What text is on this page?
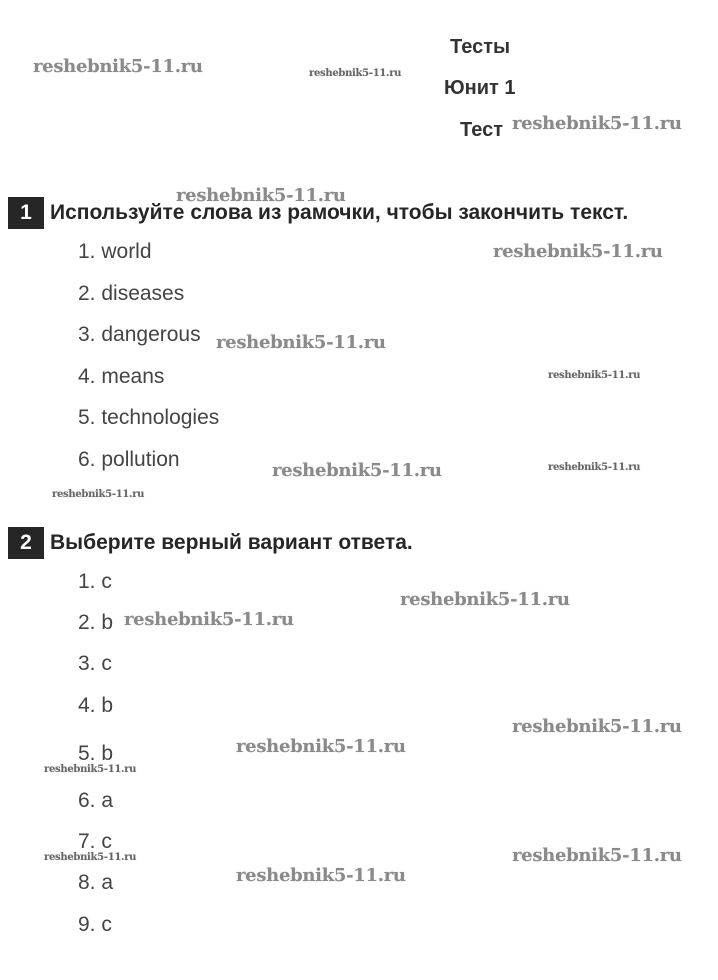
Тесты
Юнит 1
Тест
1 Используйте слова из рамочки, чтобы закончить текст.
1. world
2. diseases
3. dangerous
4. means
5. technologies
6. pollution
2 Выберите верный вариант ответа.
1. c
2. b
3. c
4. b
5. b
6. a
7. c
8. a
9. c
reshebnik5-11.ru	reshebnik5-11.ru
reshebnik5-11.ru
reshebnik5-11.ru
reshebnik5-11.ru
reshebnik5-11.ru
reshebnik5-11.ru
reshebnik5-11.ru	reshebnik5-11.ru
reshebnik5-11.ru
reshebnik5-11.ru
reshebnik5-11.ru
reshebnik5-11.ru
reshebnik5-11.ru
reshebnik5-11.ru
reshebnik5-11.ru	reshebnik5-11.ru
reshebnik5-11.ru
